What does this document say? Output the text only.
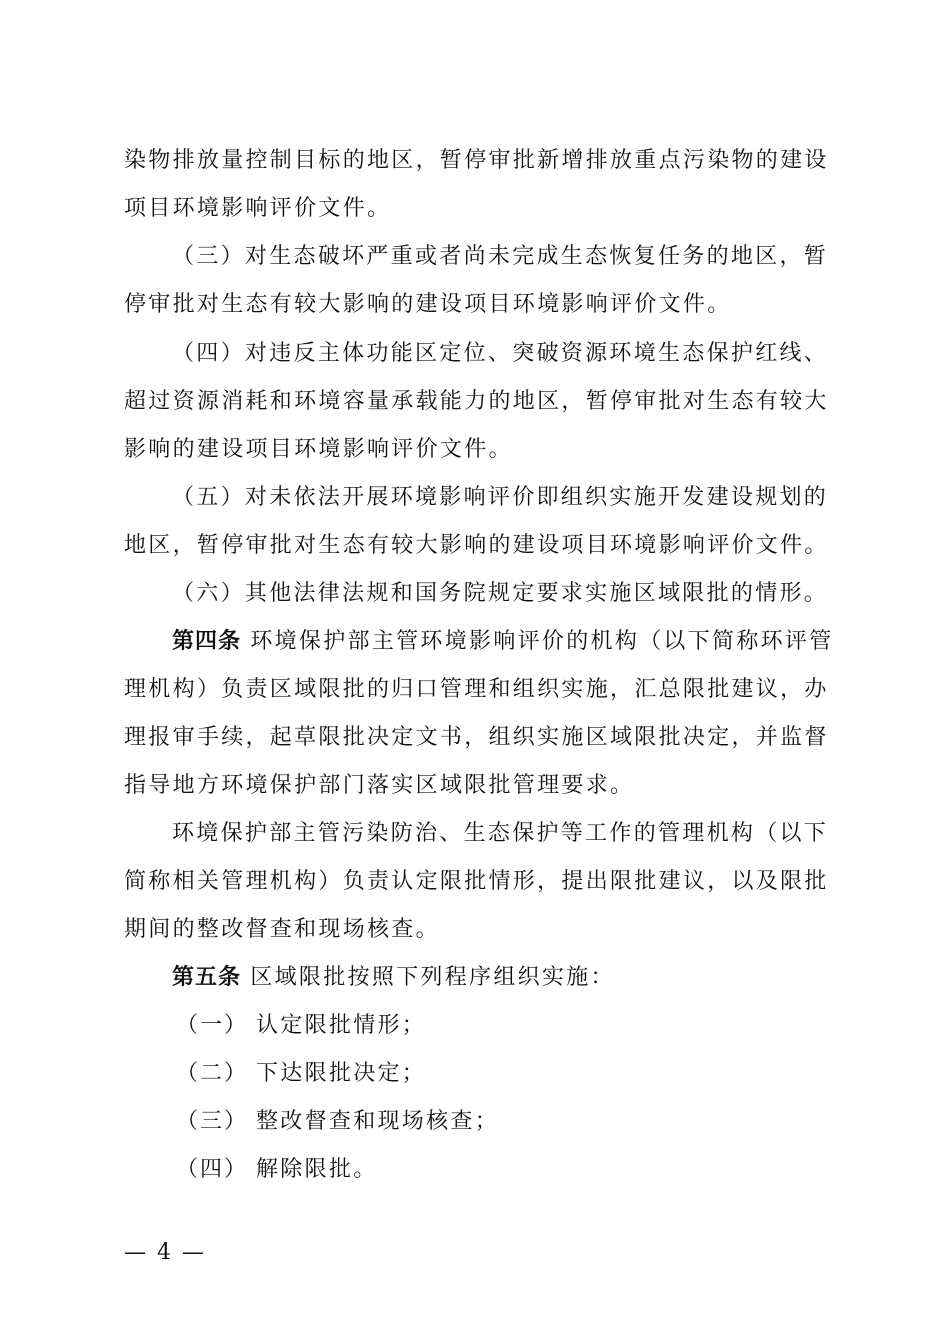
染物排放量控制目标的地区，暂停审批新增排放重点污染物的建设
项目环境影响评价文件。
（三）对生态破坏严重或者尚未完成生态恢复任务的地区，暂
停审批对生态有较大影响的建设项目环境影响评价文件。
（四）对违反主体功能区定位、突破资源环境生态保护红线、
超过资源消耗和环境容量承载能力的地区，暂停审批对生态有较大
影响的建设项目环境影响评价文件。
（五）对未依法开展环境影响评价即组织实施开发建设规划的
地区，暂停审批对生态有较大影响的建设项目环境影响评价文件。
（六）其他法律法规和国务院规定要求实施区域限批的情形。
第四条 环境保护部主管环境影响评价的机构（以下简称环评管
理机构）负责区域限批的归口管理和组织实施，汇总限批建议，办
理报审手续，起草限批决定文书，组织实施区域限批决定，并监督
指导地方环境保护部门落实区域限批管理要求。
环境保护部主管污染防治、生态保护等工作的管理机构（以下
简称相关管理机构）负责认定限批情形，提出限批建议，以及限批
期间的整改督查和现场核查。
第五条 区域限批按照下列程序组织实施：
（一） 认定限批情形；
（二） 下达限批决定；
（三） 整改督查和现场核查；
（四） 解除限批。
— 4 —
